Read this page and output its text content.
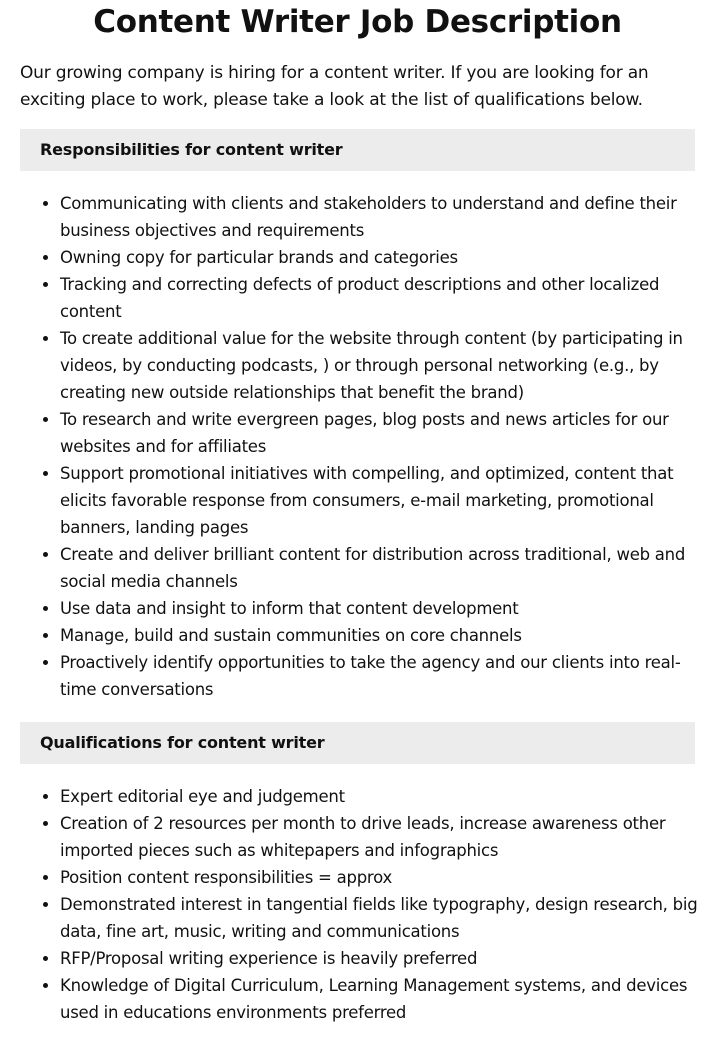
Content Writer Job Description

Our growing company is hiring for a content writer. If you are looking for an exciting place to work, please take a look at the list of qualifications below.

Responsibilities for content writer
Communicating with clients and stakeholders to understand and define their business objectives and requirements
Owning copy for particular brands and categories
Tracking and correcting defects of product descriptions and other localized content
To create additional value for the website through content (by participating in videos, by conducting podcasts, ) or through personal networking (e.g., by creating new outside relationships that benefit the brand)
To research and write evergreen pages, blog posts and news articles for our websites and for affiliates
Support promotional initiatives with compelling, and optimized, content that elicits favorable response from consumers, e-mail marketing, promotional banners, landing pages
Create and deliver brilliant content for distribution across traditional, web and social media channels
Use data and insight to inform that content development
Manage, build and sustain communities on core channels
Proactively identify opportunities to take the agency and our clients into real-time conversations
Qualifications for content writer
Expert editorial eye and judgement
Creation of 2 resources per month to drive leads, increase awareness other imported pieces such as whitepapers and infographics
Position content responsibilities = approx
Demonstrated interest in tangential fields like typography, design research, big data, fine art, music, writing and communications
RFP/Proposal writing experience is heavily preferred
Knowledge of Digital Curriculum, Learning Management systems, and devices used in educations environments preferred
